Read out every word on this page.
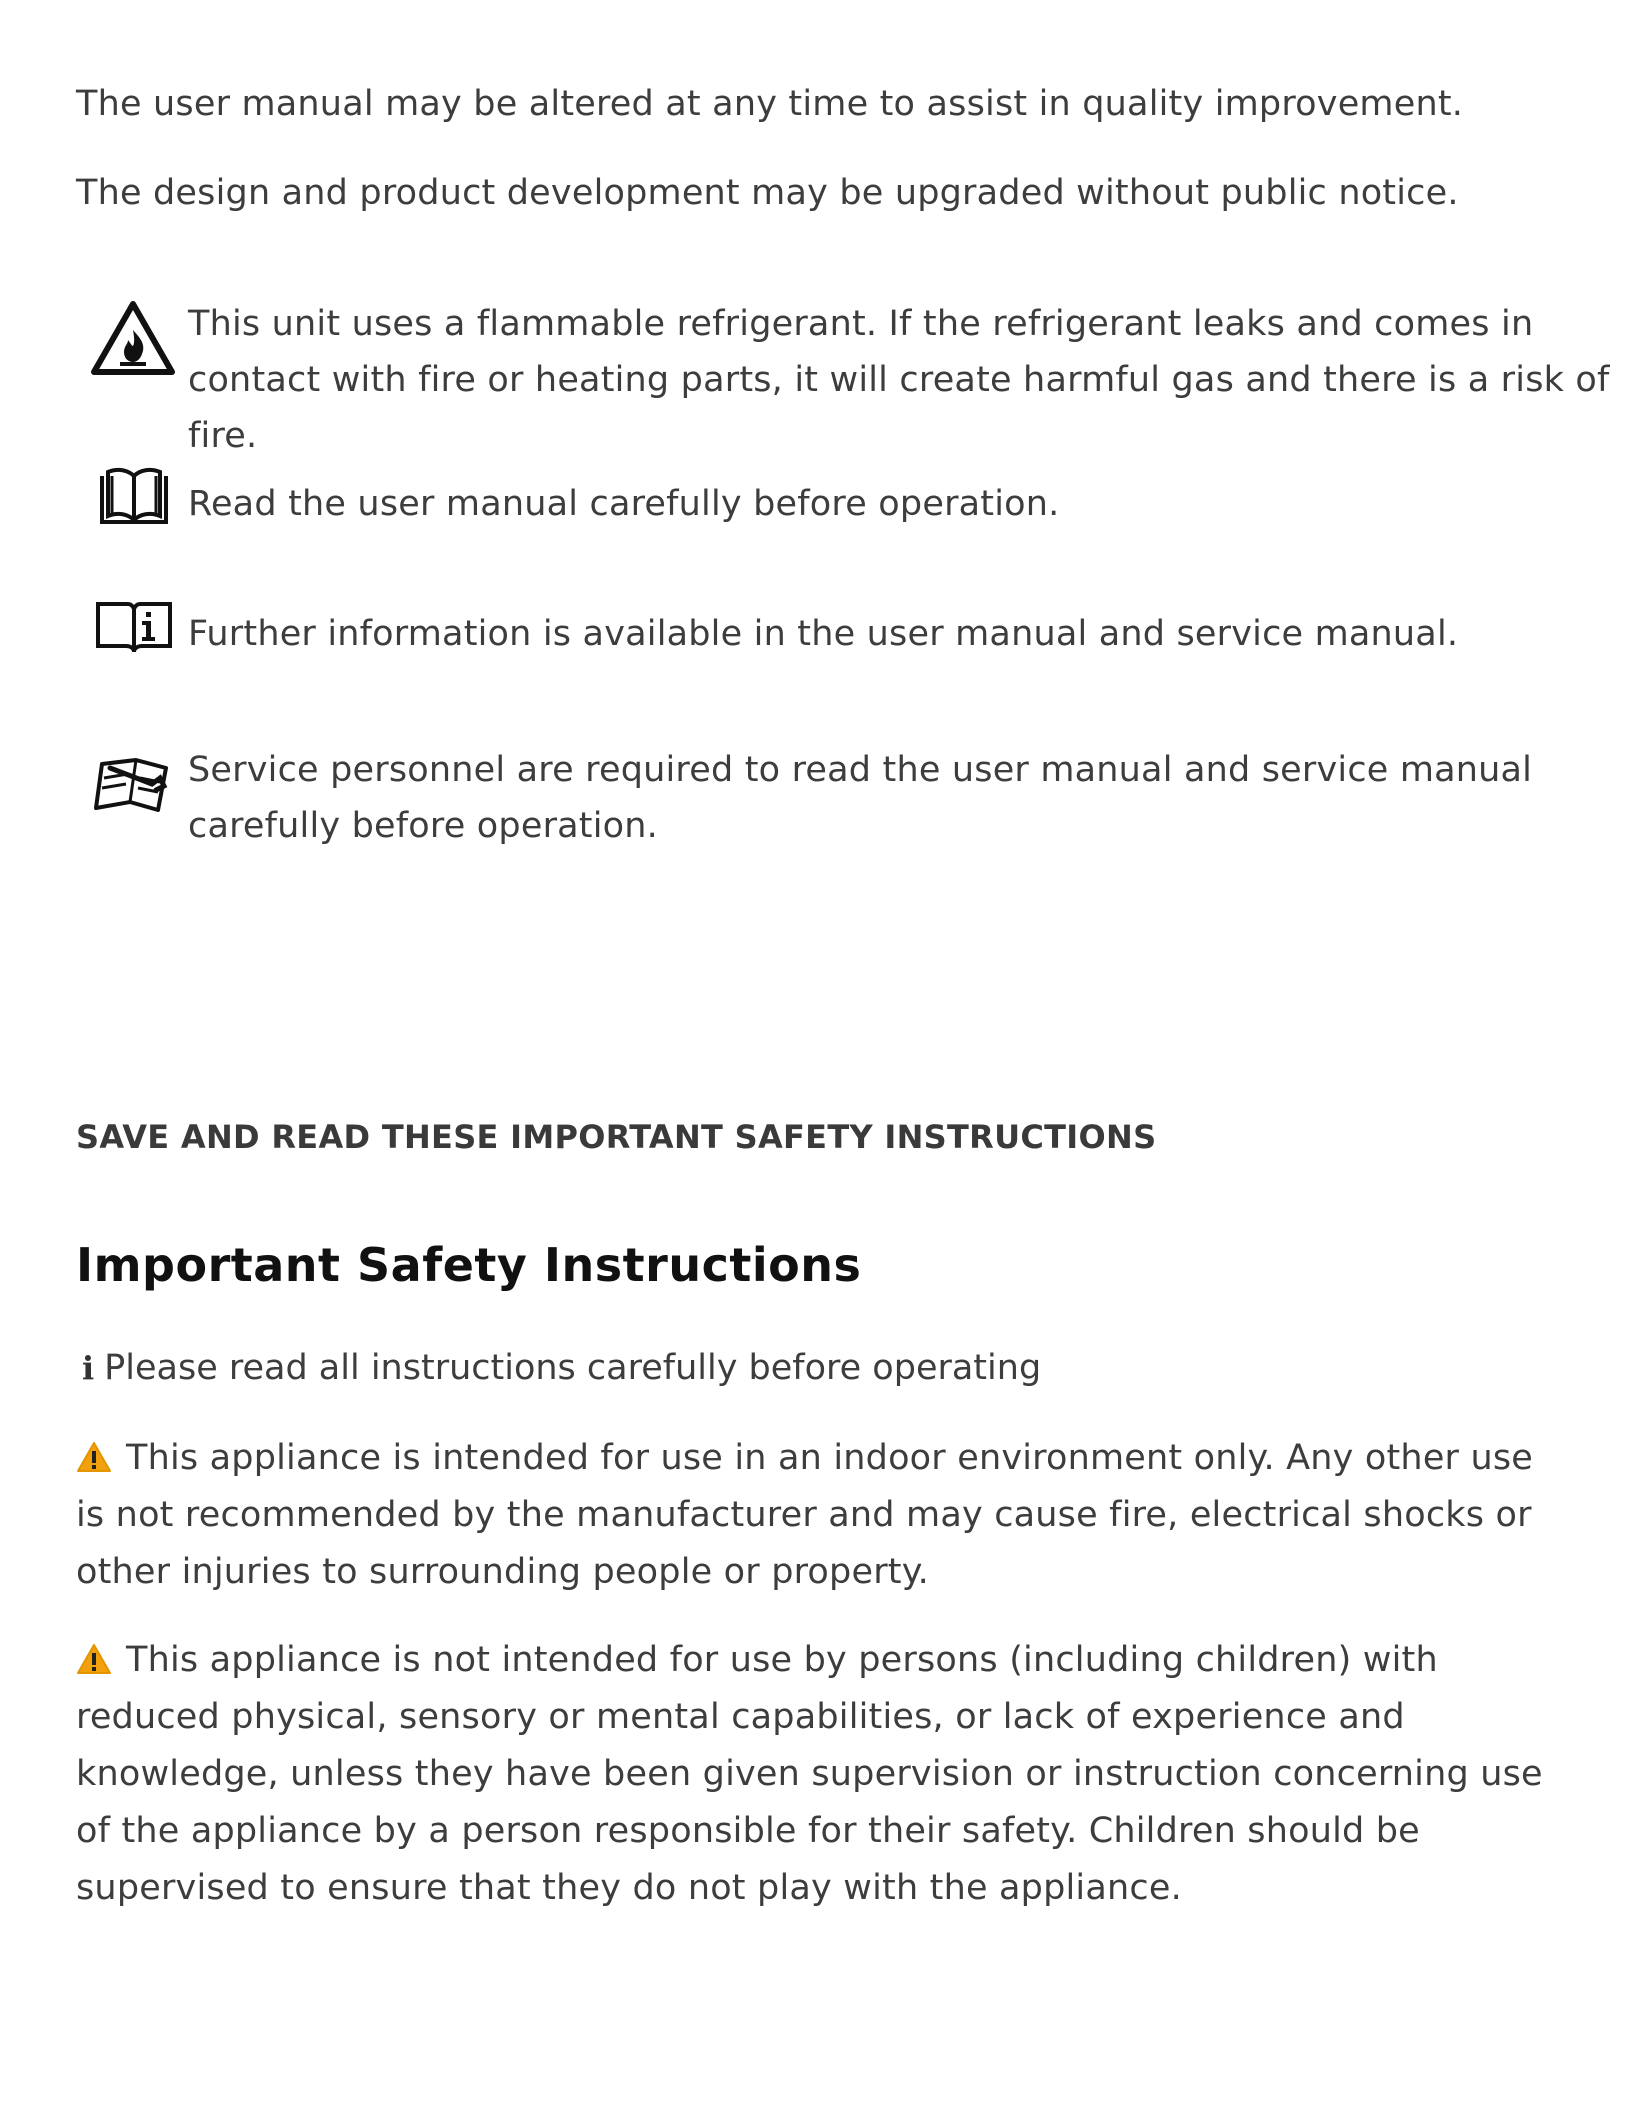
The user manual may be altered at any time to assist in quality improvement.
The design and product development may be upgraded without public notice.
This unit uses a flammable refrigerant. If the refrigerant leaks and comes in contact with fire or heating parts, it will create harmful gas and there is a risk of fire.
Read the user manual carefully before operation.
Further information is available in the user manual and service manual.
Service personnel are required to read the user manual and service manual carefully before operation.
SAVE AND READ THESE IMPORTANT SAFETY INSTRUCTIONS
Important Safety Instructions
i Please read all instructions carefully before operating
This appliance is intended for use in an indoor environment only. Any other use is not recommended by the manufacturer and may cause fire, electrical shocks or other injuries to surrounding people or property.
This appliance is not intended for use by persons (including children) with reduced physical, sensory or mental capabilities, or lack of experience and knowledge, unless they have been given supervision or instruction concerning use of the appliance by a person responsible for their safety. Children should be supervised to ensure that they do not play with the appliance.
